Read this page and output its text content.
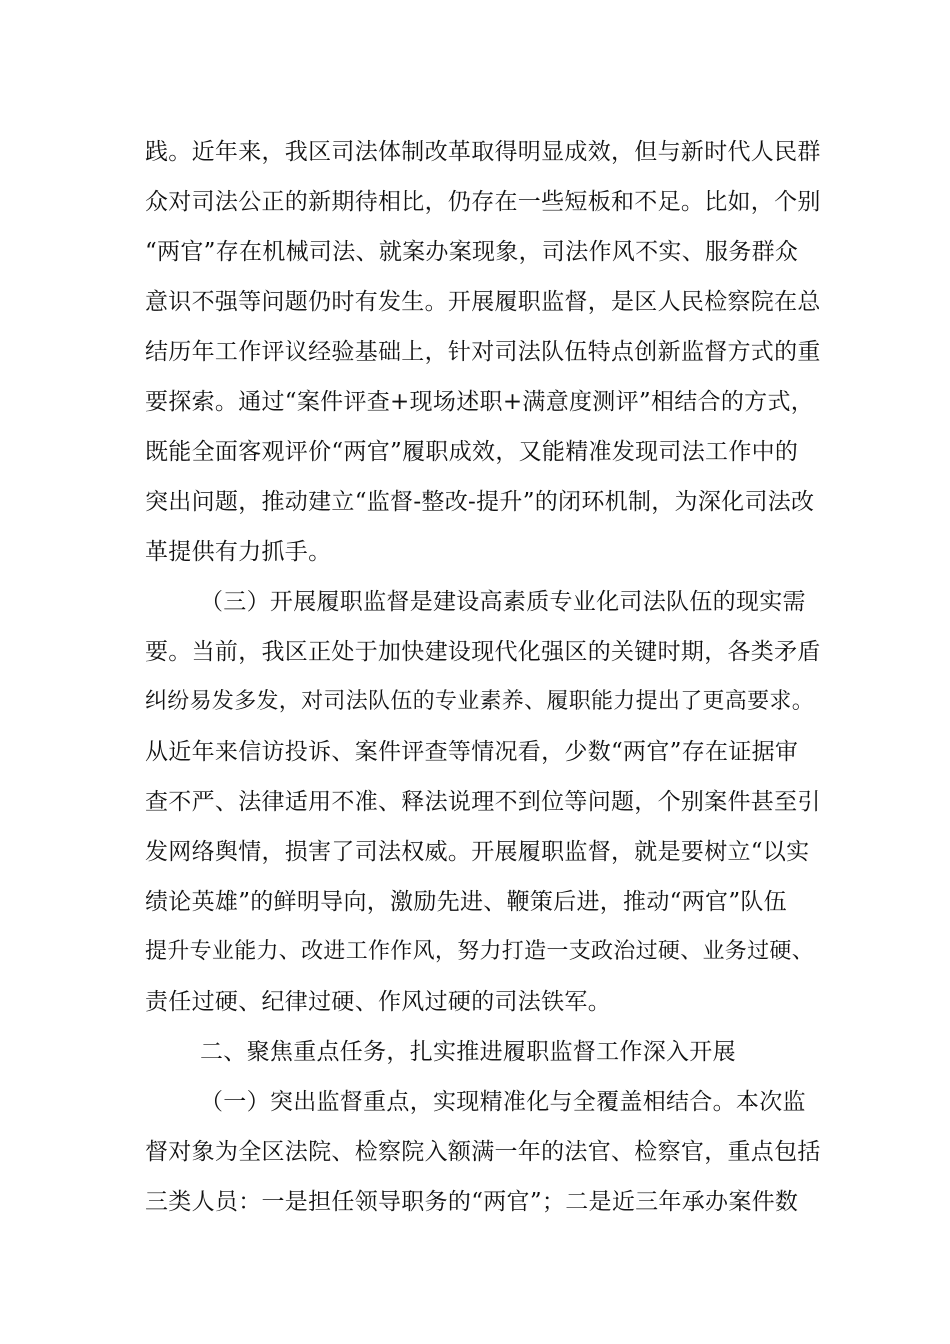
践。近年来，我区司法体制改革取得明显成效，但与新时代人民群
众对司法公正的新期待相比，仍存在一些短板和不足。比如，个别
“两官”存在机械司法、就案办案现象，司法作风不实、服务群众
意识不强等问题仍时有发生。开展履职监督，是区人民检察院在总
结历年工作评议经验基础上，针对司法队伍特点创新监督方式的重
要探索。通过“案件评查+现场述职+满意度测评”相结合的方式，
既能全面客观评价“两官”履职成效，又能精准发现司法工作中的
突出问题，推动建立“监督-整改-提升”的闭环机制，为深化司法改
革提供有力抓手。
（三）开展履职监督是建设高素质专业化司法队伍的现实需
要。当前，我区正处于加快建设现代化强区的关键时期，各类矛盾
纠纷易发多发，对司法队伍的专业素养、履职能力提出了更高要求。
从近年来信访投诉、案件评查等情况看，少数“两官”存在证据审
查不严、法律适用不准、释法说理不到位等问题，个别案件甚至引
发网络舆情，损害了司法权威。开展履职监督，就是要树立“以实
绩论英雄”的鲜明导向，激励先进、鞭策后进，推动“两官”队伍
提升专业能力、改进工作作风，努力打造一支政治过硬、业务过硬、
责任过硬、纪律过硬、作风过硬的司法铁军。
二、聚焦重点任务，扎实推进履职监督工作深入开展
（一）突出监督重点，实现精准化与全覆盖相结合。本次监
督对象为全区法院、检察院入额满一年的法官、检察官，重点包括
三类人员：一是担任领导职务的“两官”；二是近三年承办案件数
